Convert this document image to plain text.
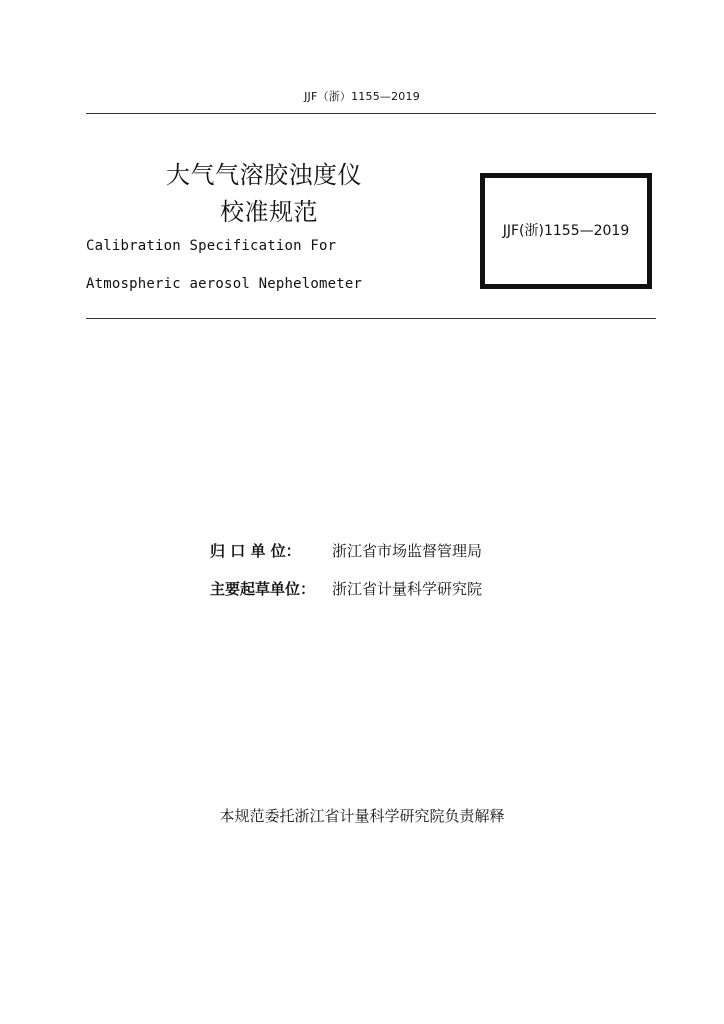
JJF（浙）1155—2019
大气气溶胶浊度仪
校准规范
Calibration Specification For
Atmospheric aerosol Nephelometer
JJF(浙)1155—2019
归 口 单 位： 浙江省市场监督管理局
主要起草单位： 浙江省计量科学研究院
本规范委托浙江省计量科学研究院负责解释
